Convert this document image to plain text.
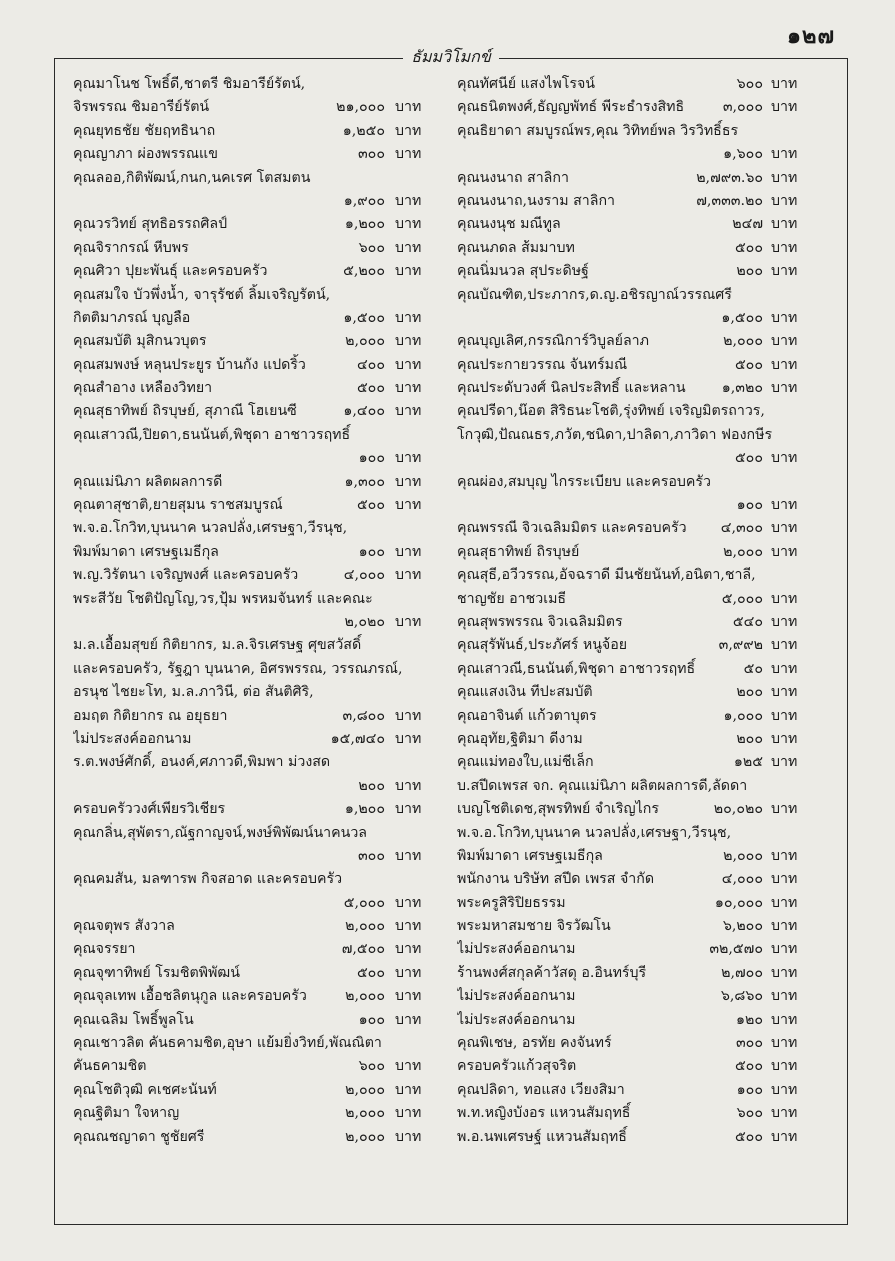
๑๒๗
ธัมมวิโมกข์
คุณมาโนช โพธิ์ดี,ชาตรี ชิมอารีย์รัตน์,
จิรพรรณ ชิมอารีย์รัตน์	๒๑,๐๐๐ บาท
คุณยุทธชัย ชัยฤทธินาถ	๑,๒๕๐ บาท
คุณญาภา ผ่องพรรณแข	๓๐๐ บาท
คุณลออ,กิติพัฒน์,กนก,นคเรศ โตสมตน
๑,๙๐๐ บาท
คุณวรวิทย์ สุทธิอรรถศิลป์	๑,๒๐๐ บาท
คุณจิรากรณ์ หีบพร	๖๐๐ บาท
คุณศิวา ปุยะพันธุ์ และครอบครัว	๕,๒๐๐ บาท
คุณสมใจ บัวพึ่งน้ำ, จารุรัชต์ ลิ้มเจริญรัตน์,
กิตติมาภรณ์ บุญลือ	๑,๕๐๐ บาท
คุณสมบัติ มุสิกนวบุตร	๒,๐๐๐ บาท
คุณสมพงษ์ หลุนประยูร บ้านกัง แปดริ้ว	๔๐๐ บาท
คุณสำอาง เหลืองวิทยา	๕๐๐ บาท
คุณสุธาทิพย์ ถิรบุษย์, สุภาณี โฮเยนซี	๑,๔๐๐ บาท
คุณเสาวณี,ปิยดา,ธนนันต์,พิชุดา อาชาวรฤทธิ์
๑๐๐ บาท
คุณแม่นิภา ผลิตผลการดี	๑,๓๐๐ บาท
คุณตาสุชาติ,ยายสุมน ราชสมบูรณ์	๕๐๐ บาท
พ.จ.อ.โกวิท,บุนนาค นวลปลั่ง,เศรษฐา,วีรนุช,
พิมพ์มาดา เศรษฐเมธีกุล	๑๐๐ บาท
พ.ญ.วิรัตนา เจริญพงศ์ และครอบครัว	๔,๐๐๐ บาท
พระสีวัย โชติปัญโญ,วร,ปุ้ม พรหมจันทร์ และคณะ
๒,๐๒๐ บาท
ม.ล.เอื้อมสุขย์ กิติยากร, ม.ล.จิรเศรษฐ ศุขสวัสดิ์
และครอบครัว, รัฐฎา บุนนาค, อิศรพรรณ, วรรณภรณ์,
อรนุช ไชยะโท, ม.ล.ภาวินี, ต่อ สันติศิริ,
อมฤต กิติยากร ณ อยุธยา	๓,๘๐๐ บาท
ไม่ประสงค์ออกนาม	๑๕,๗๔๐ บาท
ร.ต.พงษ์ศักดิ์, อนงค์,ศภาวดี,พิมพา ม่วงสด
๒๐๐ บาท
ครอบครัววงศ์เพียรวิเชียร	๑,๒๐๐ บาท
คุณกลิ่น,สุพัตรา,ณัฐกาญจน์,พงษ์พิพัฒน์นาคนวล
๓๐๐ บาท
คุณคมสัน, มลฑารพ กิจสอาด และครอบครัว
๕,๐๐๐ บาท
คุณจตุพร สังวาล	๒,๐๐๐ บาท
คุณจรรยา	๗,๕๐๐ บาท
คุณจุฑาทิพย์ โรมชิตพิพัฒน์	๕๐๐ บาท
คุณจุลเทพ เอื้อชลิตนุกูล และครอบครัว	๒,๐๐๐ บาท
คุณเฉลิม โพธิ์พูลโน	๑๐๐ บาท
คุณเชาวลิต คันธคามชิต,อุษา แย้มยิ่งวิทย์,พัณณิตา
คันธคามชิต	๖๐๐ บาท
คุณโชติวุฒิ คเชศะนันท์	๒,๐๐๐ บาท
คุณฐิติมา ใจหาญ	๒,๐๐๐ บาท
คุณณชญาดา ชูชัยศรี	๒,๐๐๐ บาท
คุณทัศนีย์ แสงไพโรจน์	๖๐๐ บาท
คุณธนิตพงศ์,ธัญญพัทธ์ พีระธำรงสิทธิ	๓,๐๐๐ บาท
คุณธิยาดา สมบูรณ์พร,คุณ วิทิทย์พล วิรวิทธิ์ธร
๑,๖๐๐ บาท
คุณนงนาถ สาลิกา	๒,๗๙๓.๖๐ บาท
คุณนงนาถ,นงราม สาลิกา	๗,๓๓๓.๒๐ บาท
คุณนงนุช มณีทูล	๒๔๗ บาท
คุณนภดล ส้มมาบท	๕๐๐ บาท
คุณนิ่มนวล สุประดิษฐ์	๒๐๐ บาท
คุณบัณฑิต,ประภากร,ด.ญ.อชิรญาณ์วรรณศรี
๑,๕๐๐ บาท
คุณบุญเลิศ,กรรณิการ์วิบูลย์ลาภ	๒,๐๐๐ บาท
คุณประกายวรรณ จันทร์มณี	๕๐๐ บาท
คุณประดับวงศ์ นิลประสิทธิ์ และหลาน	๑,๓๒๐ บาท
คุณปรีดา,น๊อต สิริธนะโชติ,รุ่งทิพย์ เจริญมิตรถาวร,
โกวุฒิ,ปัณณธร,ภวัต,ชนิดา,ปาลิดา,ภาวิดา ฟองกษีร
๕๐๐ บาท
คุณผ่อง,สมบุญ ไกรระเบียบ และครอบครัว
๑๐๐ บาท
คุณพรรณี จิวเฉลิมมิตร และครอบครัว ๔,๓๐๐ บาท
คุณสุธาทิพย์ ถิรบุษย์	๒,๐๐๐ บาท
คุณสุธี,อวีวรรณ,อัจฉราดี มีนชัยนันท์,อนิตา,ชาลี,
ชาญชัย อาชวเมธี	๕,๐๐๐ บาท
คุณสุพรพรรณ จิวเฉลิมมิตร	๕๔๐ บาท
คุณสุรัพันธ์,ประภัศร์ หนูจ้อย	๓,๙๙๒ บาท
คุณเสาวณี,ธนนันต์,พิชุดา อาชาวรฤทธิ์	๕๐ บาท
คุณแสงเงิน ทีปะสมบัติ	๒๐๐ บาท
คุณอาจินต์ แก้วตาบุตร	๑,๐๐๐ บาท
คุณอุทัย,ฐิติมา ดีงาม	๒๐๐ บาท
คุณแม่ทองใบ,แม่ชีเล็ก	๑๒๕ บาท
บ.สปีดเพรส จก. คุณแม่นิภา ผลิตผลการดี,ลัดดา
เบญโชติเดช,สุพรทิพย์ จำเริญไกร	๒๐,๐๒๐ บาท
พ.จ.อ.โกวิท,บุนนาค นวลปลั่ง,เศรษฐา,วีรนุช,
พิมพ์มาดา เศรษฐเมธีกุล	๒,๐๐๐ บาท
พนักงาน บริษัท สปีด เพรส จำกัด	๔,๐๐๐ บาท
พระครูสิริปิยธรรม	๑๐,๐๐๐ บาท
พระมหาสมชาย จิรวัฒโน	๖,๒๐๐ บาท
ไม่ประสงค์ออกนาม	๓๒,๕๗๐ บาท
ร้านพงศ์สกุลค้าวัสดุ อ.อินทร์บุรี	๒,๗๐๐ บาท
ไม่ประสงค์ออกนาม	๖,๘๖๐ บาท
ไม่ประสงค์ออกนาม	๑๒๐ บาท
คุณพิเชษ, อรทัย คงจันทร์	๓๐๐ บาท
ครอบครัวแก้วสุจริต	๕๐๐ บาท
คุณปลิดา, ทอแสง เวียงสิมา	๑๐๐ บาท
พ.ท.หญิงบังอร แหวนสัมฤทธิ์	๖๐๐ บาท
พ.อ.นพเศรษฐ์ แหวนสัมฤทธิ์	๕๐๐ บาท
